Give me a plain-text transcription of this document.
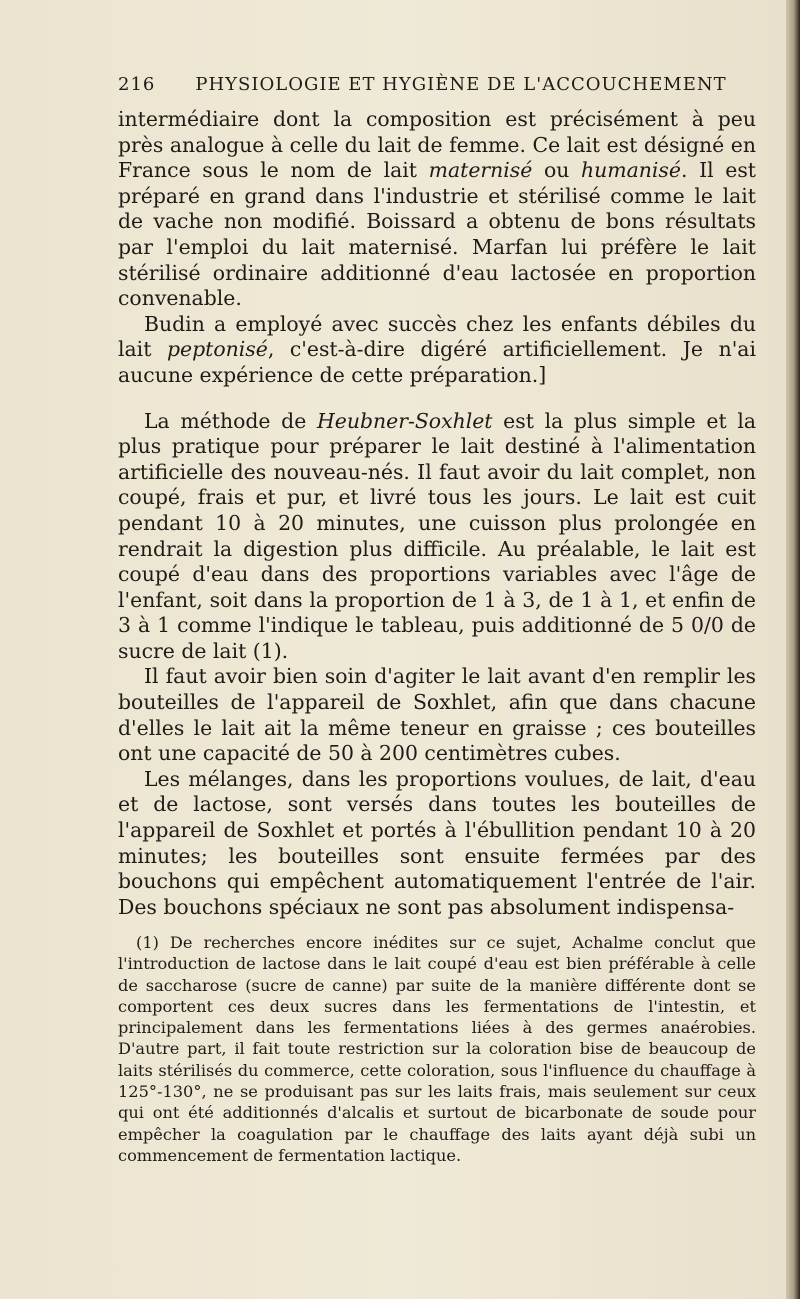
216 PHYSIOLOGIE ET HYGIÈNE DE L'ACCOUCHEMENT

intermédiaire dont la composition est précisément à peu près analogue à celle du lait de femme. Ce lait est désigné en France sous le nom de lait maternisé ou humanisé. Il est préparé en grand dans l'industrie et stérilisé comme le lait de vache non modifié. Boissard a obtenu de bons résultats par l'emploi du lait maternisé. Marfan lui préfère le lait stérilisé ordinaire additionné d'eau lactosée en proportion convenable.

Budin a employé avec succès chez les enfants débiles du lait peptonisé, c'est-à-dire digéré artificiellement. Je n'ai aucune expérience de cette préparation.]

La méthode de Heubner-Soxhlet est la plus simple et la plus pratique pour préparer le lait destiné à l'alimentation artificielle des nouveau-nés. Il faut avoir du lait complet, non coupé, frais et pur, et livré tous les jours. Le lait est cuit pendant 10 à 20 minutes, une cuisson plus prolongée en rendrait la digestion plus difficile. Au préalable, le lait est coupé d'eau dans des proportions variables avec l'âge de l'enfant, soit dans la proportion de 1 à 3, de 1 à 1, et enfin de 3 à 1 comme l'indique le tableau, puis additionné de 5 0/0 de sucre de lait (1).

Il faut avoir bien soin d'agiter le lait avant d'en remplir les bouteilles de l'appareil de Soxhlet, afin que dans chacune d'elles le lait ait la même teneur en graisse ; ces bouteilles ont une capacité de 50 à 200 centimètres cubes.

Les mélanges, dans les proportions voulues, de lait, d'eau et de lactose, sont versés dans toutes les bouteilles de l'appareil de Soxhlet et portés à l'ébullition pendant 10 à 20 minutes; les bouteilles sont ensuite fermées par des bouchons qui empêchent automatiquement l'entrée de l'air. Des bouchons spéciaux ne sont pas absolument indispensa-

(1) De recherches encore inédites sur ce sujet, Achalme conclut que l'introduction de lactose dans le lait coupé d'eau est bien préférable à celle de saccharose (sucre de canne) par suite de la manière différente dont se comportent ces deux sucres dans les fermentations de l'intestin, et principalement dans les fermentations liées à des germes anaérobies. D'autre part, il fait toute restriction sur la coloration bise de beaucoup de laits stérilisés du commerce, cette coloration, sous l'influence du chauffage à 125°-130°, ne se produisant pas sur les laits frais, mais seulement sur ceux qui ont été additionnés d'alcalis et surtout de bicarbonate de soude pour empêcher la coagulation par le chauffage des laits ayant déjà subi un commencement de fermentation lactique.
